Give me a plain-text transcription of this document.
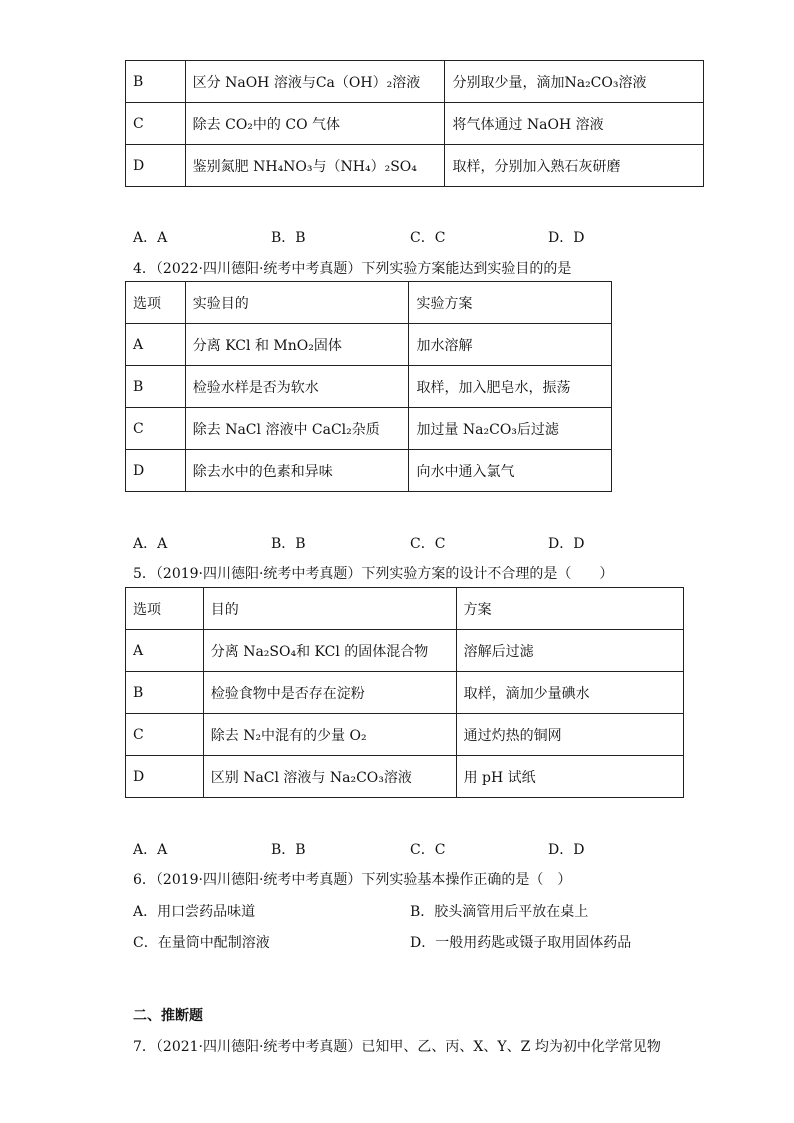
B	区分 NaOH 溶液与Ca（OH）₂溶液	分别取少量，滴加Na₂CO₃溶液
C	除去 CO₂中的 CO 气体	将气体通过 NaOH 溶液
D	鉴别氮肥 NH₄NO₃与（NH₄）₂SO₄	取样，分别加入熟石灰研磨
A．A	B．B	C．C	D．D
4．（2022·四川德阳·统考中考真题）下列实验方案能达到实验目的的是
选项	实验目的	实验方案
A	分离 KCl 和 MnO₂固体	加水溶解
B	检验水样是否为软水	取样，加入肥皂水，振荡
C	除去 NaCl 溶液中 CaCl₂杂质	加过量 Na₂CO₃后过滤
D	除去水中的色素和异味	向水中通入氯气
A．A	B．B	C．C	D．D
5．（2019·四川德阳·统考中考真题）下列实验方案的设计不合理的是（　　）
选项	目的	方案
A	分离 Na₂SO₄和 KCl 的固体混合物	溶解后过滤
B	检验食物中是否存在淀粉	取样，滴加少量碘水
C	除去 N₂中混有的少量 O₂	通过灼热的铜网
D	区别 NaCl 溶液与 Na₂CO₃溶液	用 pH 试纸
A．A	B．B	C．C	D．D
6．（2019·四川德阳·统考中考真题）下列实验基本操作正确的是（　）
A．用口尝药品味道	B．胶头滴管用后平放在桌上
C．在量筒中配制溶液	D．一般用药匙或镊子取用固体药品
二、推断题
7．（2021·四川德阳·统考中考真题）已知甲、乙、丙、X、Y、Z 均为初中化学常见物
